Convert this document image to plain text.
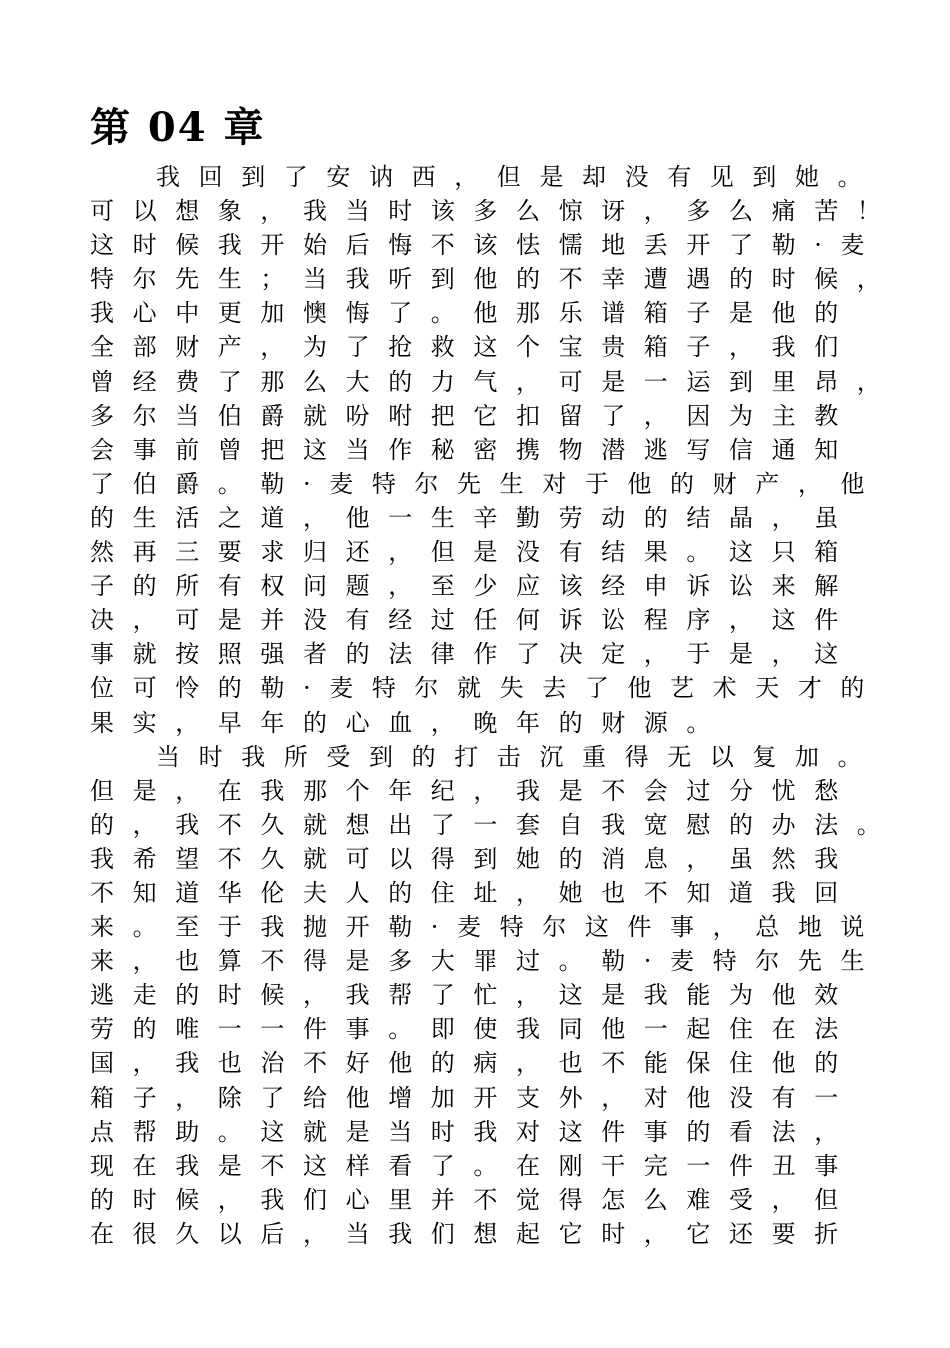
第 04 章
我回到了安讷西，但是却没有见到她。
可以想象，我当时该多么惊讶，多么痛苦！
这时候我开始后悔不该怯懦地丢开了勒·麦
特尔先生；当我听到他的不幸遭遇的时候，
我心中更加懊悔了。他那乐谱箱子是他的
全部财产，为了抢救这个宝贵箱子，我们
曾经费了那么大的力气，可是一运到里昂，
多尔当伯爵就吩咐把它扣留了，因为主教
会事前曾把这当作秘密携物潜逃写信通知
了伯爵。勒·麦特尔先生对于他的财产，他
的生活之道，他一生辛勤劳动的结晶，虽
然再三要求归还，但是没有结果。这只箱
子的所有权问题，至少应该经申诉讼来解
决，可是并没有经过任何诉讼程序，这件
事就按照强者的法律作了决定，于是，这
位可怜的勒·麦特尔就失去了他艺术天才的
果实，早年的心血，晚年的财源。
当时我所受到的打击沉重得无以复加。
但是，在我那个年纪，我是不会过分忧愁
的，我不久就想出了一套自我宽慰的办法。
我希望不久就可以得到她的消息，虽然我
不知道华伦夫人的住址，她也不知道我回
来。至于我抛开勒·麦特尔这件事，总地说
来，也算不得是多大罪过。勒·麦特尔先生
逃走的时候，我帮了忙，这是我能为他效
劳的唯一一件事。即使我同他一起住在法
国，我也治不好他的病，也不能保住他的
箱子，除了给他增加开支外，对他没有一
点帮助。这就是当时我对这件事的看法，
现在我是不这样看了。在刚干完一件丑事
的时候，我们心里并不觉得怎么难受，但
在很久以后，当我们想起它时，它还要折
